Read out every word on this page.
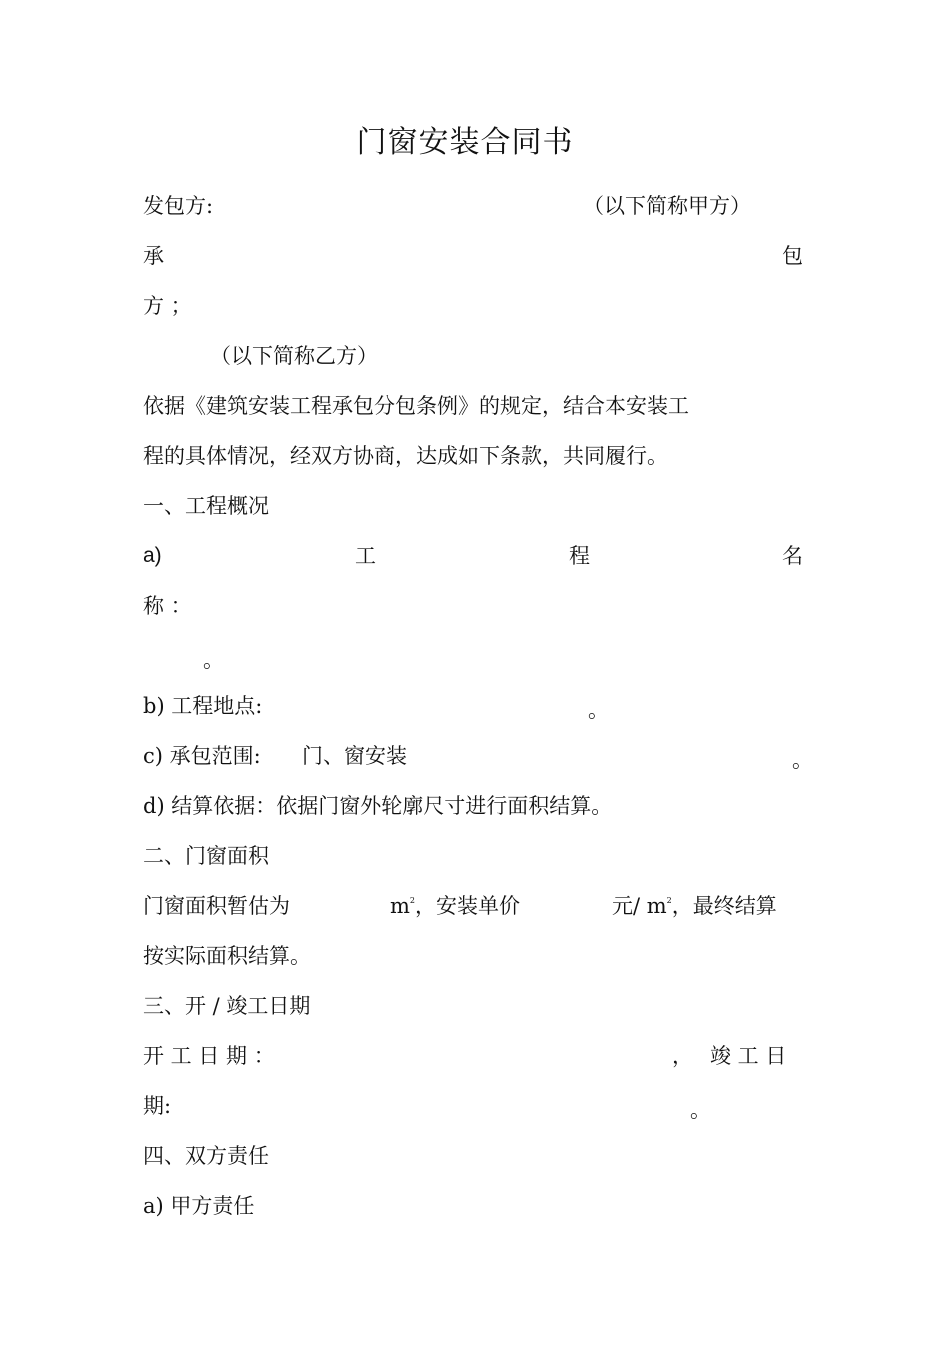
门窗安装合同书
发包方:	（以下简称甲方）
承	包
方 ；
（以下简称乙方）
依据《建筑安装工程承包分包条例》的规定，结合本安装工
程的具体情况，经双方协商，达成如下条款，共同履行。
一、工程概况
a)	工	程	名
称 ：
。
b) 工程地点:	。
c) 承包范围: 门、窗安装	。
d) 结算依据：依据门窗外轮廓尺寸进行面积结算。
二、门窗面积
门窗面积暂估为	$m^2$，安装单价	元/ $m^2$，最终结算
按实际面积结算。
三、开 / 竣工日期
开 工 日 期 ：	， 竣 工 日
期:	。
四、双方责任
a) 甲方责任
